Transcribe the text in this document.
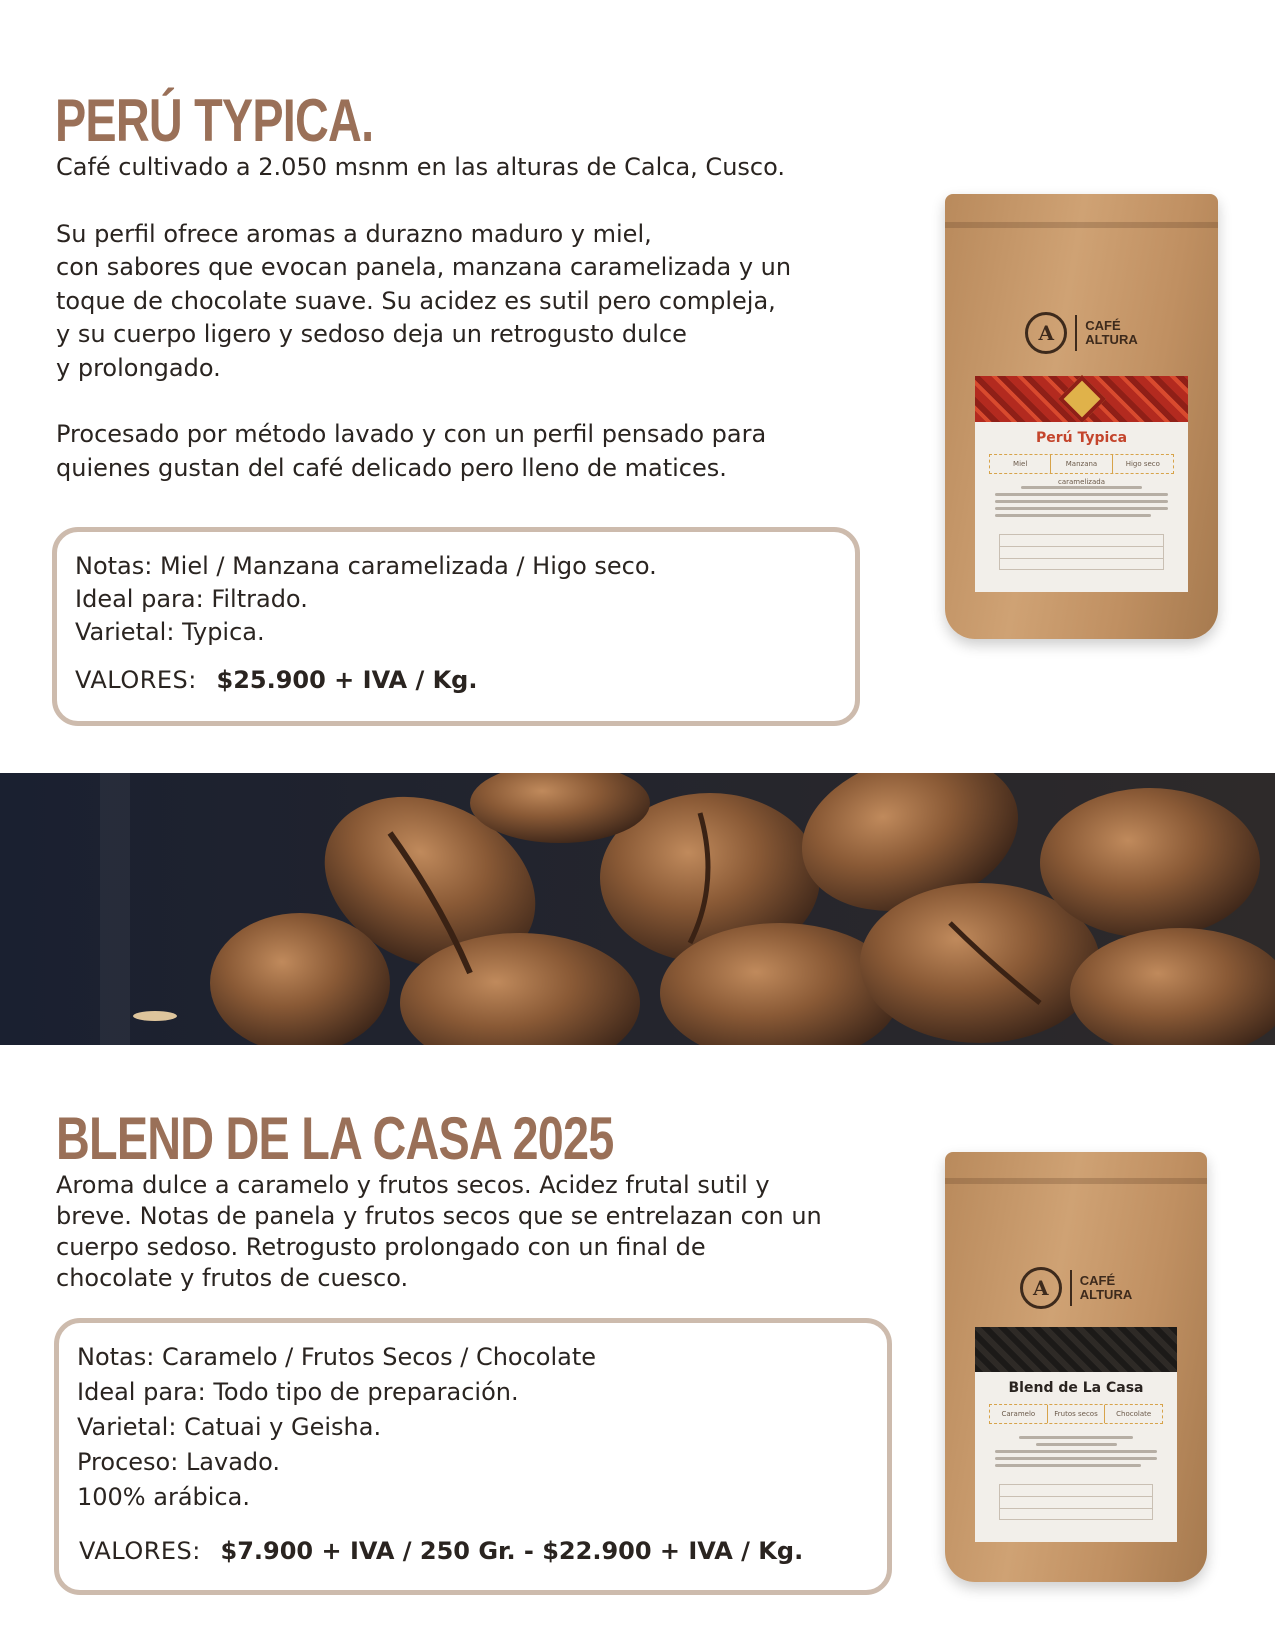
PERÚ TYPICA.

Café cultivado a 2.050 msnm en las alturas de Calca, Cusco.

Su perfil ofrece aromas a durazno maduro y miel,

con sabores que evocan panela, manzana caramelizada y un

toque de chocolate suave. Su acidez es sutil pero compleja,

y su cuerpo ligero y sedoso deja un retrogusto dulce

y prolongado.

Procesado por método lavado y con un perfil pensado para

quienes gustan del café delicado pero lleno de matices.

Notas: Miel / Manzana caramelizada / Higo seco.
Ideal para: Filtrado.
Varietal: Typica.
VALORES: $25.900 + IVA / Kg.
A	CAFÉ
ALTURA
Perú Typica
Miel	Manzana caramelizada
Higo seco
BLEND DE LA CASA 2025

Aroma dulce a caramelo y frutos secos. Acidez frutal sutil y

breve. Notas de panela y frutos secos que se entrelazan con un

cuerpo sedoso. Retrogusto prolongado con un final de

chocolate y frutos de cuesco.

Notas: Caramelo / Frutos Secos / Chocolate
Ideal para: Todo tipo de preparación.
Varietal: Catuai y Geisha.
Proceso: Lavado.
100% arábica.
VALORES: $7.900 + IVA / 250 Gr. - $22.900 + IVA / Kg.
A	CAFÉ
ALTURA
Blend de La Casa
Caramelo	Frutos secos	Chocolate
